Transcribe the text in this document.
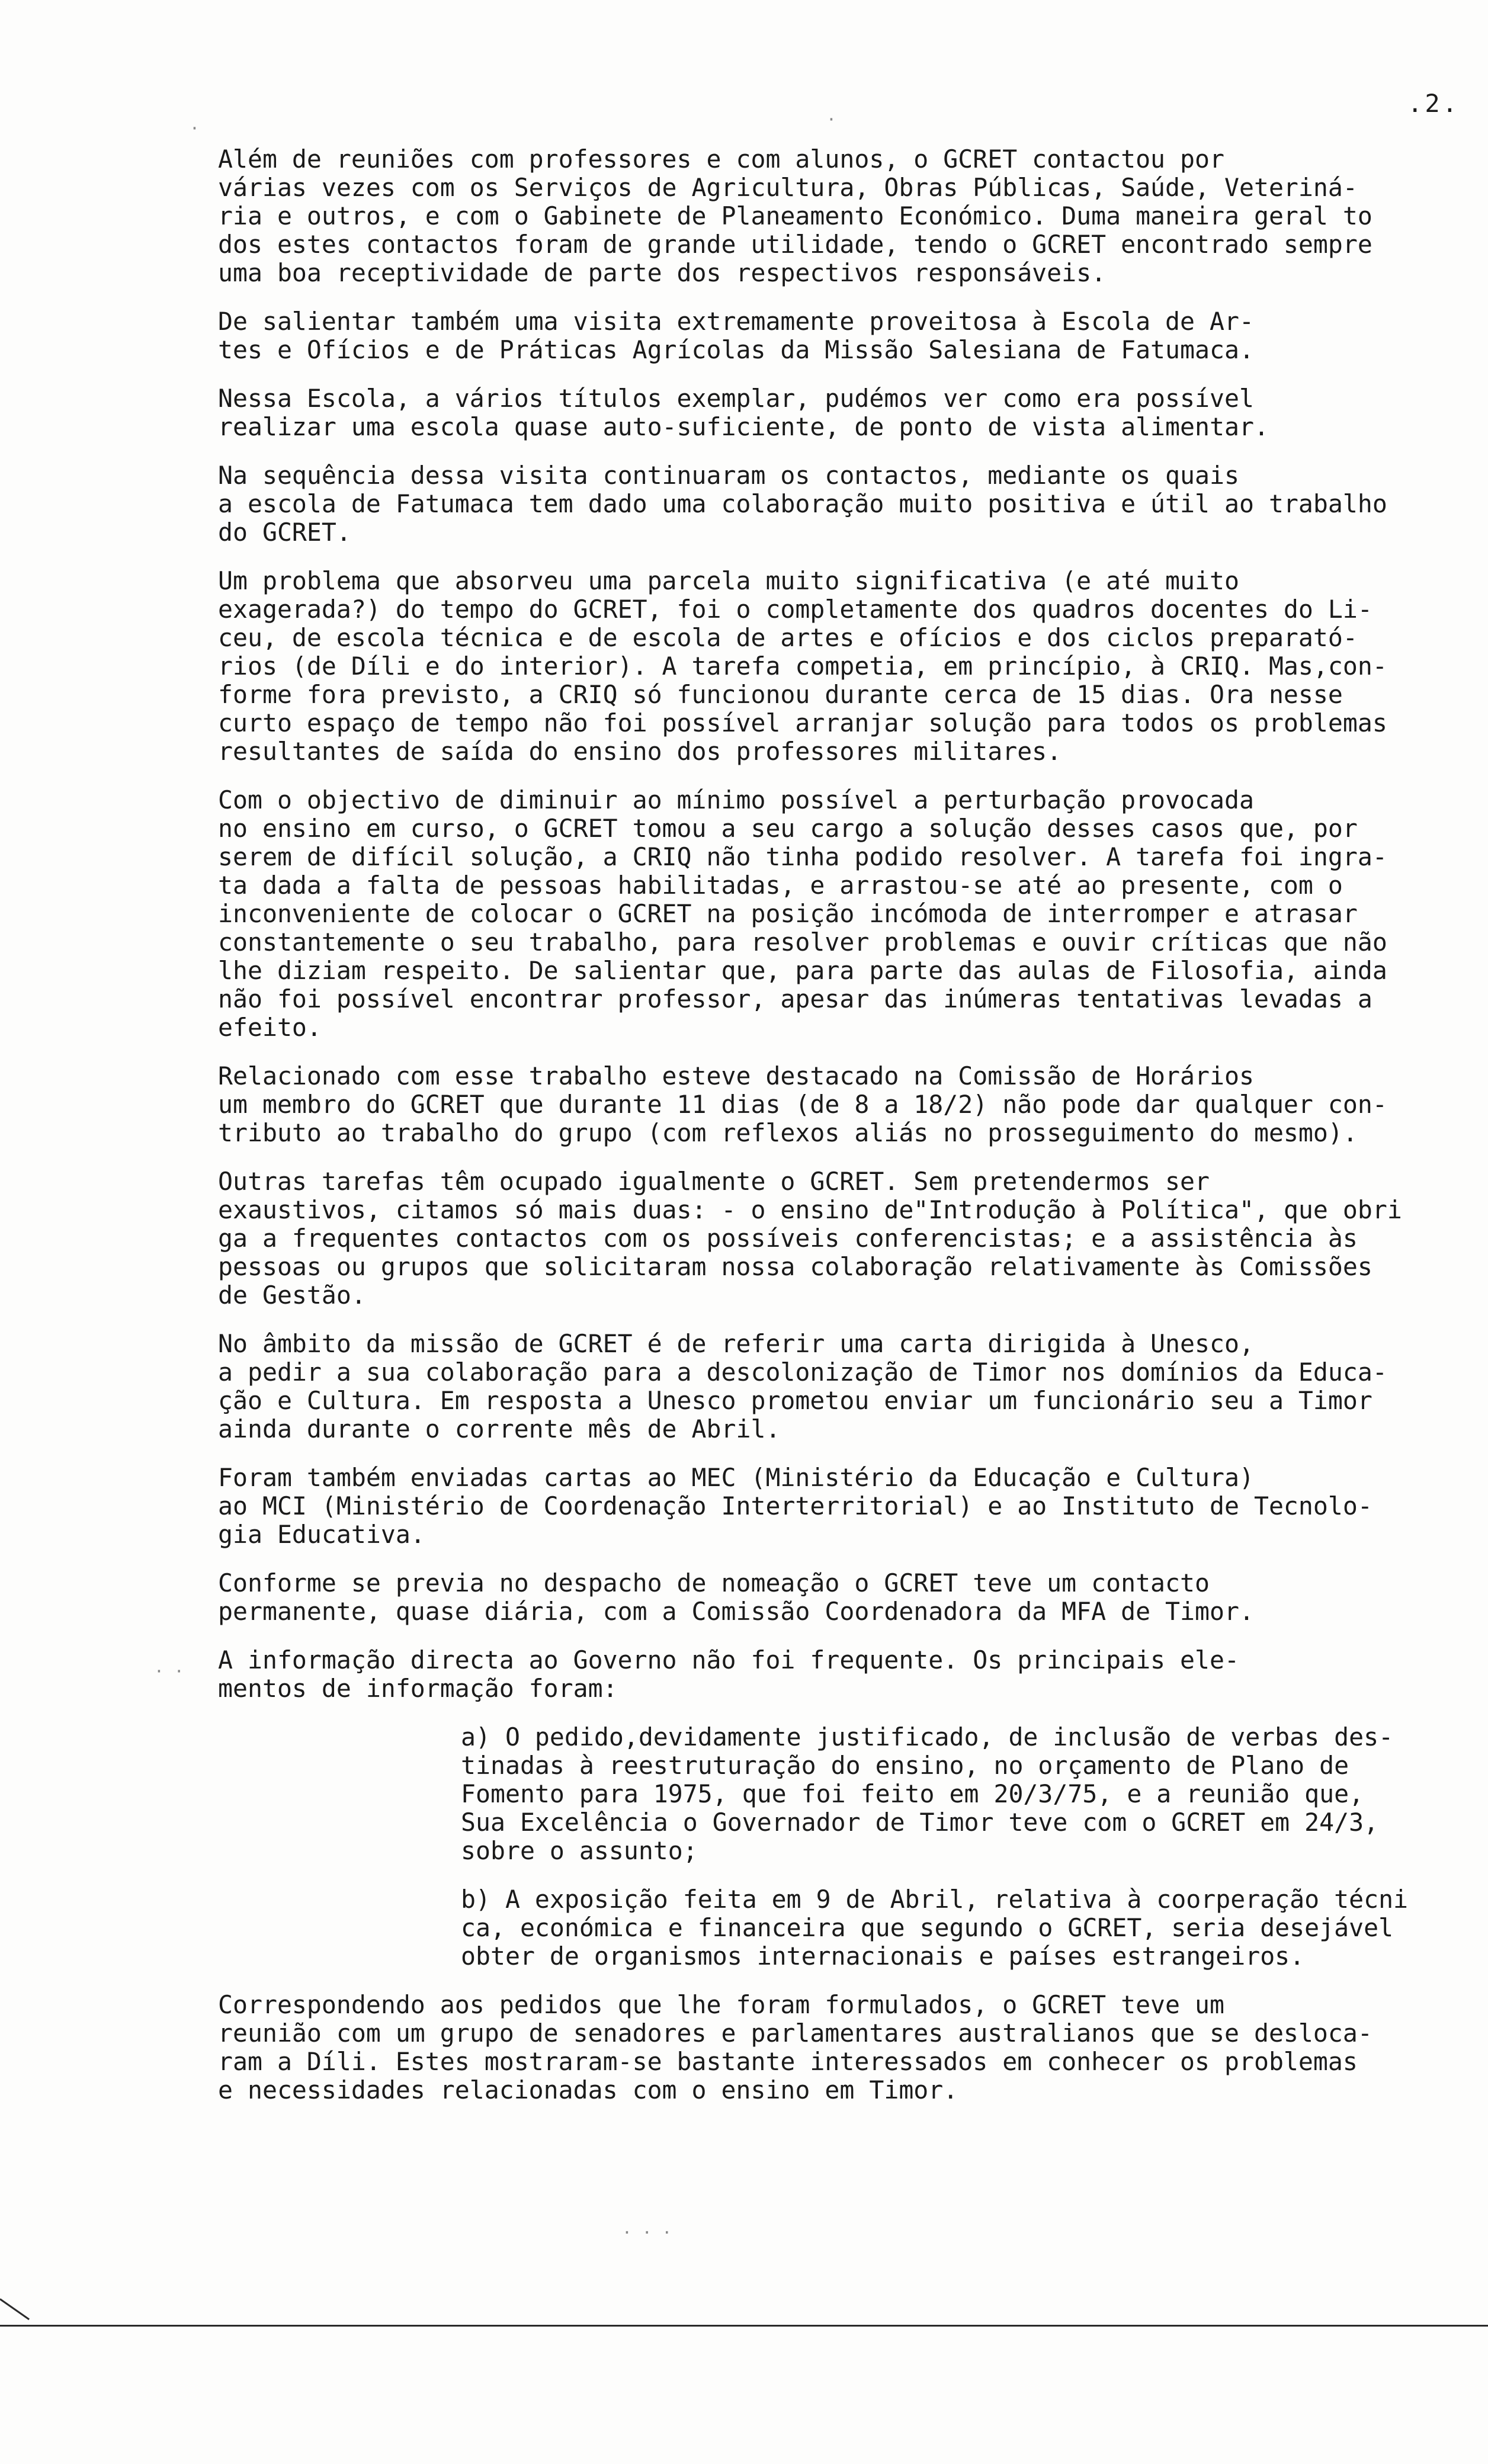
.2.
·	·
· ·
. . .

Além de reuniões com professores e com alunos, o GCRET contactou por
várias vezes com os Serviços de Agricultura, Obras Públicas, Saúde, Veteriná-
ria e outros, e com o Gabinete de Planeamento Económico. Duma maneira geral to
dos estes contactos foram de grande utilidade, tendo o GCRET encontrado sempre
uma boa receptividade de parte dos respectivos responsáveis.

De salientar também uma visita extremamente proveitosa à Escola de Ar-
tes e Ofícios e de Práticas Agrícolas da Missão Salesiana de Fatumaca.

Nessa Escola, a vários títulos exemplar, pudémos ver como era possível
realizar uma escola quase auto-suficiente, de ponto de vista alimentar.

Na sequência dessa visita continuaram os contactos, mediante os quais
a escola de Fatumaca tem dado uma colaboração muito positiva e útil ao trabalho
do GCRET.

Um problema que absorveu uma parcela muito significativa (e até muito
exagerada?) do tempo do GCRET, foi o completamente dos quadros docentes do Li-
ceu, de escola técnica e de escola de artes e ofícios e dos ciclos preparató-
rios (de Díli e do interior). A tarefa competia, em princípio, à CRIQ. Mas,con-
forme fora previsto, a CRIQ só funcionou durante cerca de 15 dias. Ora nesse
curto espaço de tempo não foi possível arranjar solução para todos os problemas
resultantes de saída do ensino dos professores militares.

Com o objectivo de diminuir ao mínimo possível a perturbação provocada
no ensino em curso, o GCRET tomou a seu cargo a solução desses casos que, por
serem de difícil solução, a CRIQ não tinha podido resolver. A tarefa foi ingra-
ta dada a falta de pessoas habilitadas, e arrastou-se até ao presente, com o
inconveniente de colocar o GCRET na posição incómoda de interromper e atrasar
constantemente o seu trabalho, para resolver problemas e ouvir críticas que não
lhe diziam respeito. De salientar que, para parte das aulas de Filosofia, ainda
não foi possível encontrar professor, apesar das inúmeras tentativas levadas a
efeito.

Relacionado com esse trabalho esteve destacado na Comissão de Horários
um membro do GCRET que durante 11 dias (de 8 a 18/2) não pode dar qualquer con-
tributo ao trabalho do grupo (com reflexos aliás no prosseguimento do mesmo).

Outras tarefas têm ocupado igualmente o GCRET. Sem pretendermos ser
exaustivos, citamos só mais duas: - o ensino de"Introdução à Política", que obri
ga a frequentes contactos com os possíveis conferencistas; e a assistência às
pessoas ou grupos que solicitaram nossa colaboração relativamente às Comissões
de Gestão.

No âmbito da missão de GCRET é de referir uma carta dirigida à Unesco,
a pedir a sua colaboração para a descolonização de Timor nos domínios da Educa-
ção e Cultura. Em resposta a Unesco prometou enviar um funcionário seu a Timor
ainda durante o corrente mês de Abril.

Foram também enviadas cartas ao MEC (Ministério da Educação e Cultura)
ao MCI (Ministério de Coordenação Interterritorial) e ao Instituto de Tecnolo-
gia Educativa.

Conforme se previa no despacho de nomeação o GCRET teve um contacto
permanente, quase diária, com a Comissão Coordenadora da MFA de Timor.

A informação directa ao Governo não foi frequente. Os principais ele-
mentos de informação foram:

a) O pedido,devidamente justificado, de inclusão de verbas des-
tinadas à reestruturação do ensino, no orçamento de Plano de
Fomento para 1975, que foi feito em 20/3/75, e a reunião que,
Sua Excelência o Governador de Timor teve com o GCRET em 24/3,
sobre o assunto;
b) A exposição feita em 9 de Abril, relativa à coorperação técni
ca, económica e financeira que segundo o GCRET, seria desejável
obter de organismos internacionais e países estrangeiros.

Correspondendo aos pedidos que lhe foram formulados, o GCRET teve um
reunião com um grupo de senadores e parlamentares australianos que se desloca-
ram a Díli. Estes mostraram-se bastante interessados em conhecer os problemas
e necessidades relacionadas com o ensino em Timor.
